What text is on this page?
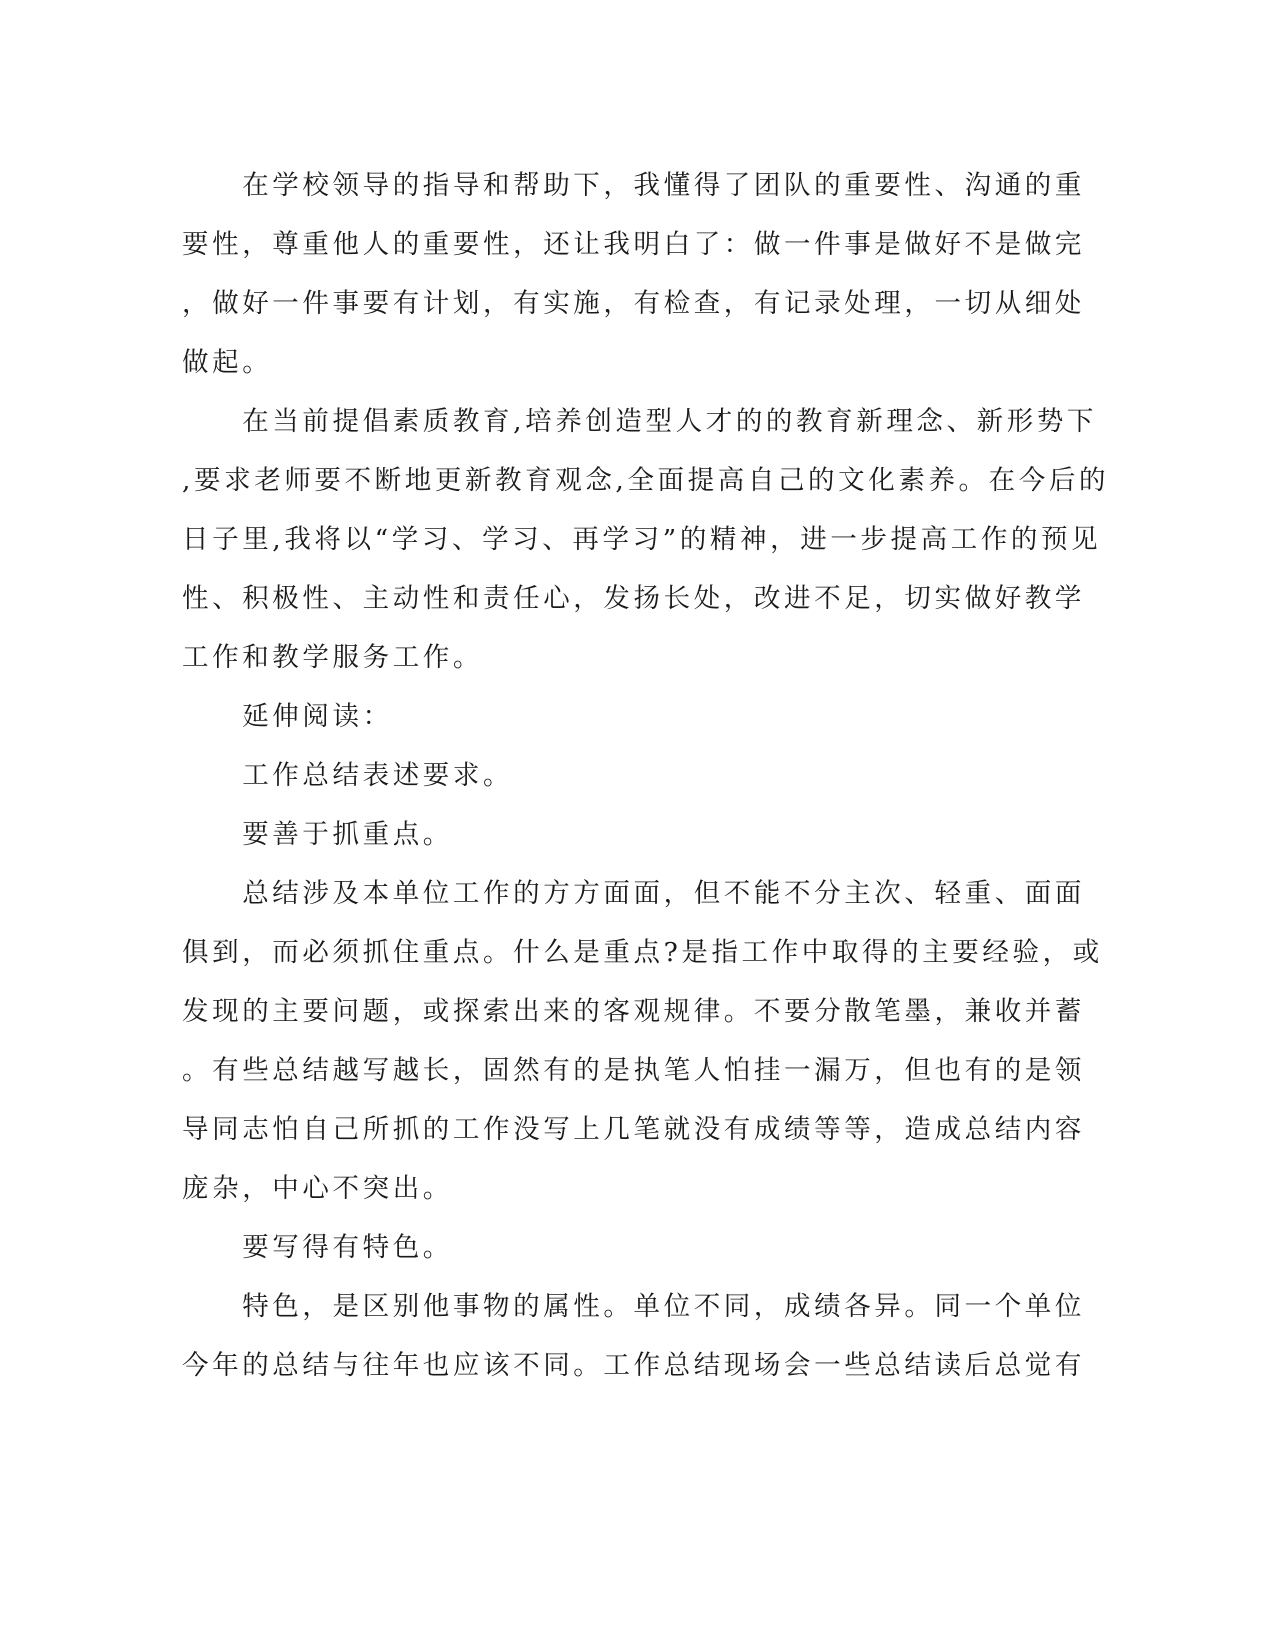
　　在学校领导的指导和帮助下，我懂得了团队的重要性、沟通的重
要性，尊重他人的重要性，还让我明白了：做一件事是做好不是做完
，做好一件事要有计划，有实施，有检查，有记录处理，一切从细处
做起。
　　在当前提倡素质教育,培养创造型人才的的教育新理念、新形势下
,要求老师要不断地更新教育观念,全面提高自己的文化素养。在今后的
日子里,我将以“学习、学习、再学习”的精神，进一步提高工作的预见
性、积极性、主动性和责任心，发扬长处，改进不足，切实做好教学
工作和教学服务工作。
　　延伸阅读：
　　工作总结表述要求。
　　要善于抓重点。
　　总结涉及本单位工作的方方面面，但不能不分主次、轻重、面面
俱到，而必须抓住重点。什么是重点?是指工作中取得的主要经验，或
发现的主要问题，或探索出来的客观规律。不要分散笔墨，兼收并蓄
。有些总结越写越长，固然有的是执笔人怕挂一漏万，但也有的是领
导同志怕自己所抓的工作没写上几笔就没有成绩等等，造成总结内容
庞杂，中心不突出。
　　要写得有特色。
　　特色，是区别他事物的属性。单位不同，成绩各异。同一个单位
今年的总结与往年也应该不同。工作总结现场会一些总结读后总觉有
